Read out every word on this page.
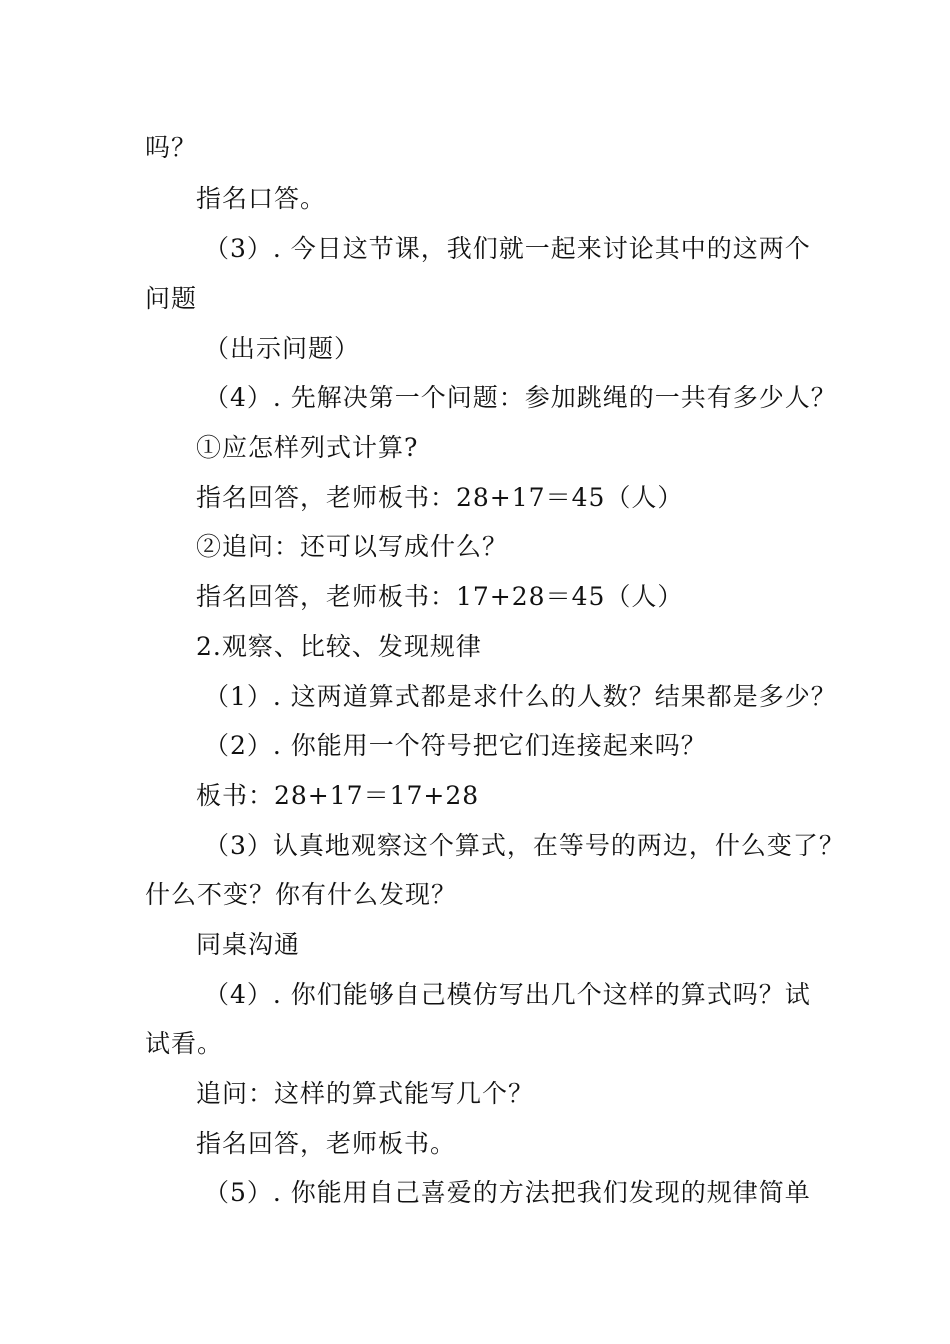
吗？
指名口答。
（3）. 今日这节课，我们就一起来讨论其中的这两个
问题
（出示问题）
（4）. 先解决第一个问题：参加跳绳的一共有多少人？
①应怎样列式计算?
指名回答，老师板书：28+17＝45（人）
②追问：还可以写成什么？
指名回答，老师板书：17+28＝45（人）
2.观察、比较、发现规律
（1）. 这两道算式都是求什么的人数？结果都是多少？
（2）. 你能用一个符号把它们连接起来吗？
板书：28+17＝17+28
（3）认真地观察这个算式，在等号的两边，什么变了？
什么不变？你有什么发现？
同桌沟通
（4）. 你们能够自己模仿写出几个这样的算式吗？试
试看。
追问：这样的算式能写几个？
指名回答，老师板书。
（5）. 你能用自己喜爱的方法把我们发现的规律简单
